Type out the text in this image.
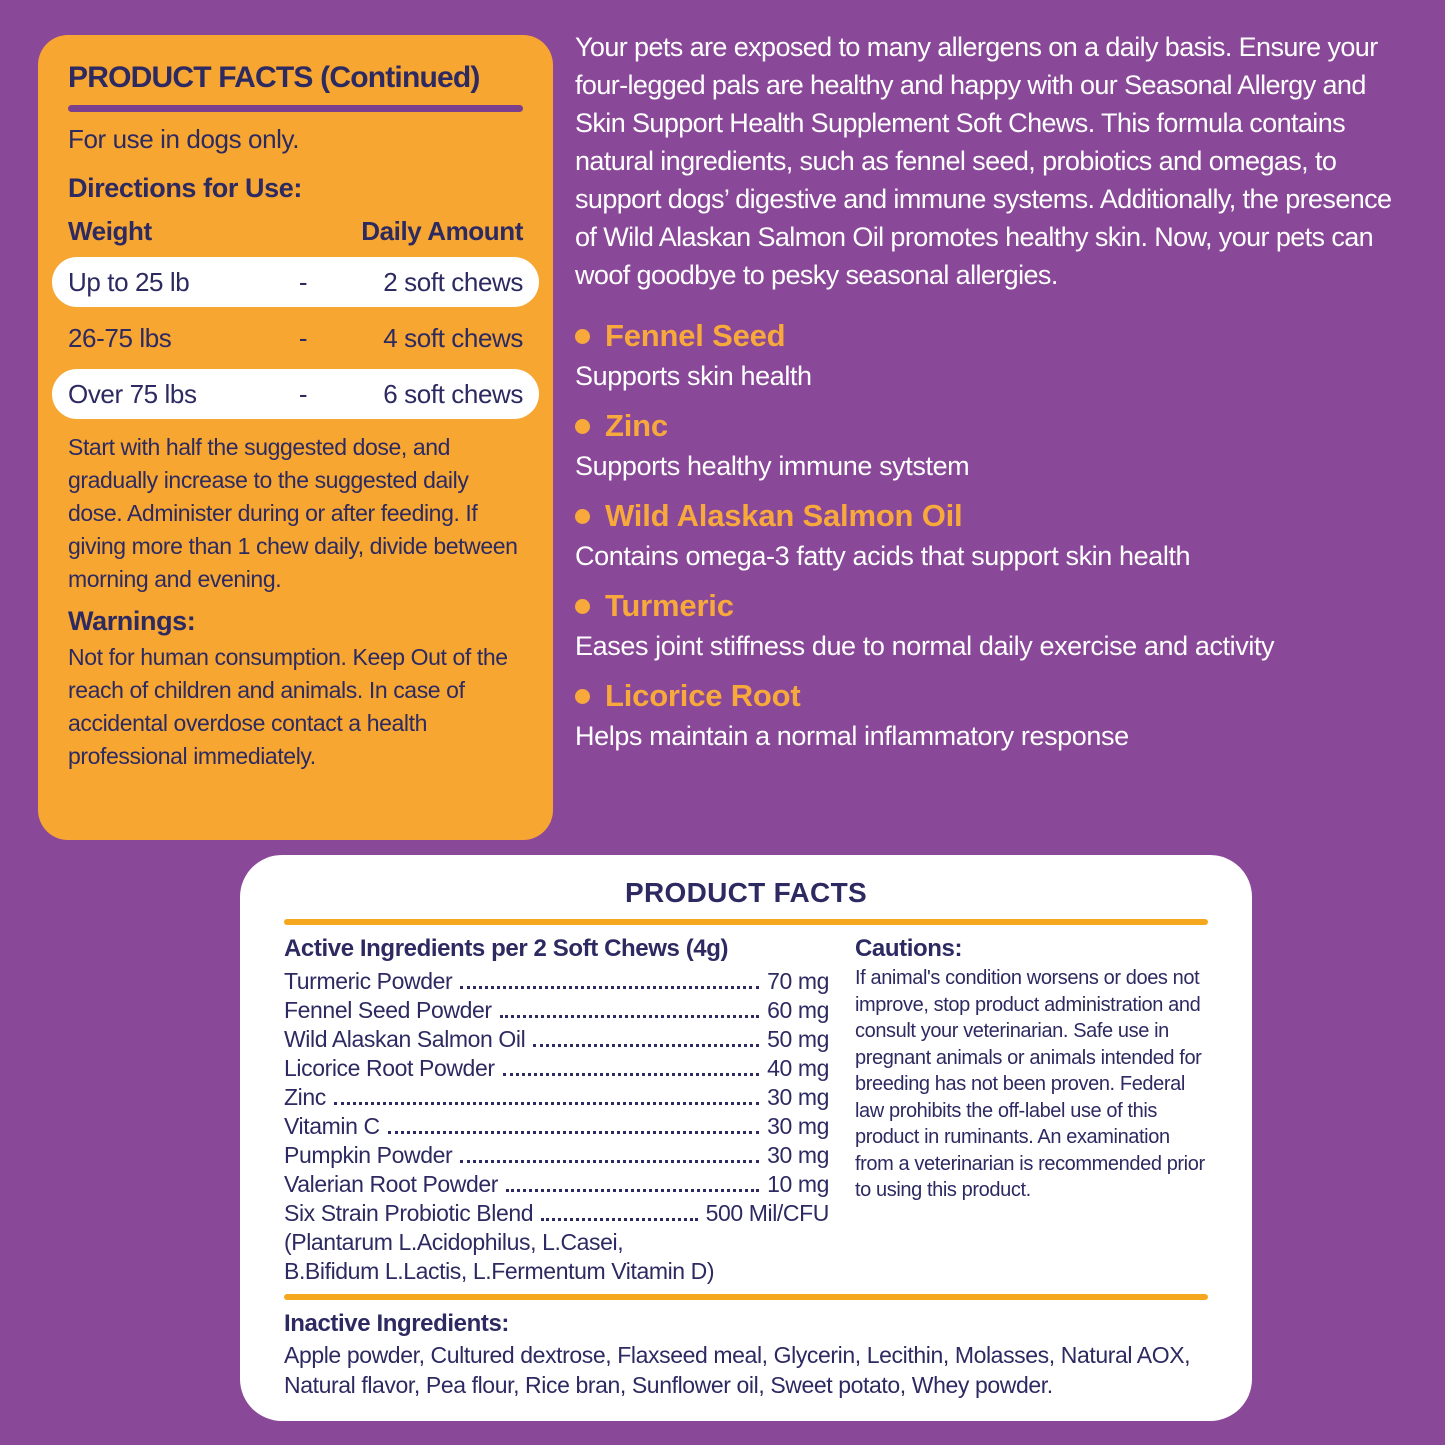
PRODUCT FACTS (Continued)

For use in dogs only.

Directions for Use:
Weight	Daily Amount
Up to 25 lb	-	2 soft chews
26-75 lbs	-	4 soft chews
Over 75 lbs	-	6 soft chews

Start with half the suggested dose, and gradually increase to the suggested daily dose. Administer during or after feeding. If giving more than 1 chew daily, divide between morning and evening.

Warnings:

Not for human consumption. Keep Out of the reach of children and animals. In case of accidental overdose contact a health professional immediately.

Your pets are exposed to many allergens on a daily basis. Ensure your four-legged pals are healthy and happy with our Seasonal Allergy and Skin Support Health Supplement Soft Chews. This formula contains natural ingredients, such as fennel seed, probiotics and omegas, to support dogs’ digestive and immune systems. Additionally, the presence of Wild Alaskan Salmon Oil promotes healthy skin. Now, your pets can woof goodbye to pesky seasonal allergies.

Fennel Seed

Supports skin health

Zinc

Supports healthy immune sytstem

Wild Alaskan Salmon Oil

Contains omega-3 fatty acids that support skin health

Turmeric

Eases joint stiffness due to normal daily exercise and activity

Licorice Root

Helps maintain a normal inflammatory response

PRODUCT FACTS
Active Ingredients per 2 Soft Chews (4g)
Turmeric Powder	70 mg
Fennel Seed Powder	60 mg
Wild Alaskan Salmon Oil	50 mg
Licorice Root Powder	40 mg
Zinc	30 mg
Vitamin C	30 mg
Pumpkin Powder	30 mg
Valerian Root Powder	10 mg
Six Strain Probiotic Blend	500 Mil/CFU

(Plantarum L.Acidophilus, L.Casei,

B.Bifidum L.Lactis, L.Fermentum Vitamin D)

Cautions:

If animal's condition worsens or does not improve, stop product administration and consult your veterinarian. Safe use in pregnant animals or animals intended for breeding has not been proven. Federal law prohibits the off-label use of this product in ruminants. An examination from a veterinarian is recommended prior to using this product.

Inactive Ingredients:

Apple powder, Cultured dextrose, Flaxseed meal, Glycerin, Lecithin, Molasses, Natural AOX, Natural flavor, Pea flour, Rice bran, Sunflower oil, Sweet potato, Whey powder.
